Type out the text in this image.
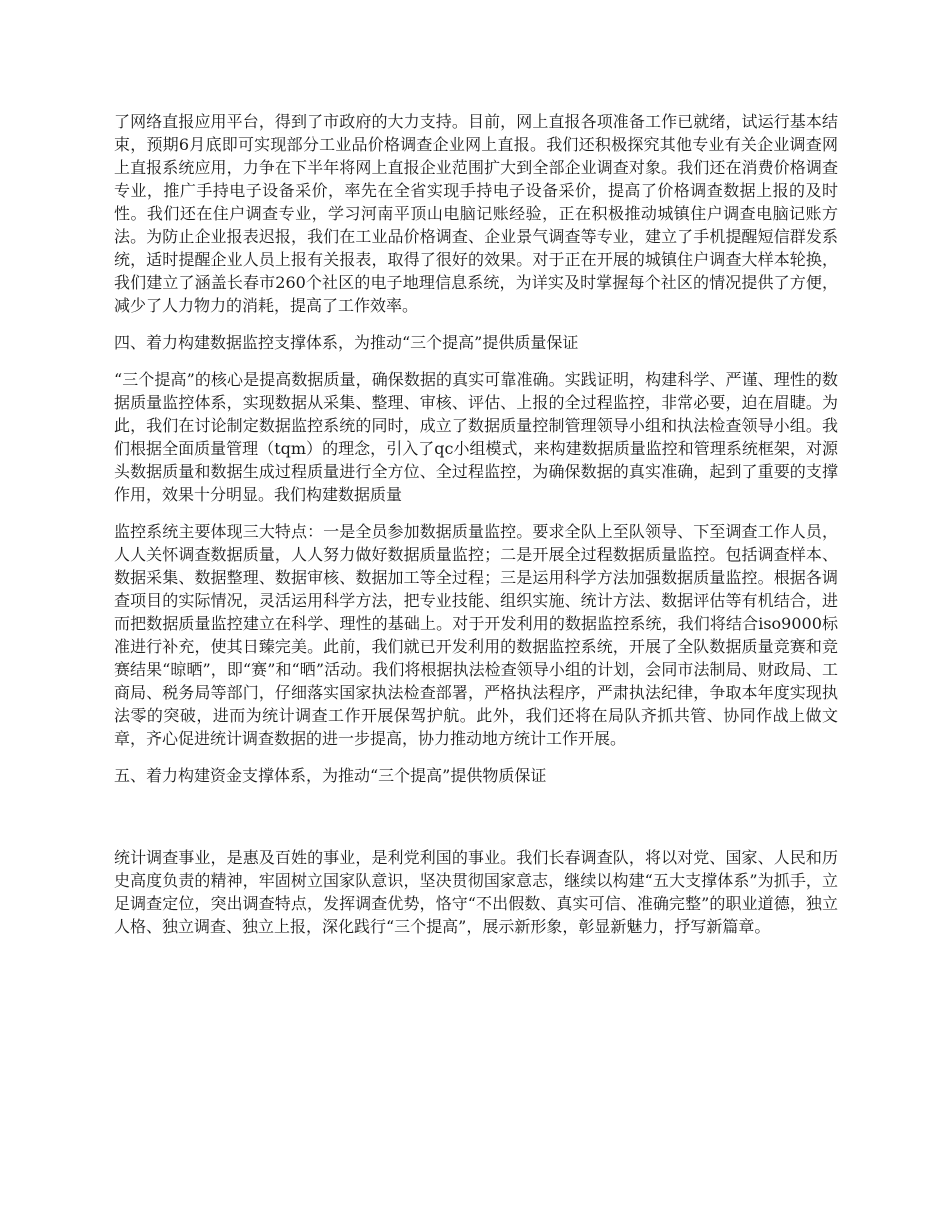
了网络直报应用平台，得到了市政府的大力支持。目前，网上直报各项准备工作已就绪，试运行基本结束，预期6月底即可实现部分工业品价格调查企业网上直报。我们还积极探究其他专业有关企业调查网上直报系统应用，力争在下半年将网上直报企业范围扩大到全部企业调查对象。我们还在消费价格调查专业，推广手持电子设备采价，率先在全省实现手持电子设备采价，提高了价格调查数据上报的及时性。我们还在住户调查专业，学习河南平顶山电脑记账经验，正在积极推动城镇住户调查电脑记账方法。为防止企业报表迟报，我们在工业品价格调查、企业景气调查等专业，建立了手机提醒短信群发系统，适时提醒企业人员上报有关报表，取得了很好的效果。对于正在开展的城镇住户调查大样本轮换，我们建立了涵盖长春市260个社区的电子地理信息系统，为详实及时掌握每个社区的情况提供了方便，减少了人力物力的消耗，提高了工作效率。

四、着力构建数据监控支撑体系，为推动“三个提高”提供质量保证

“三个提高”的核心是提高数据质量，确保数据的真实可靠准确。实践证明，构建科学、严谨、理性的数据质量监控体系，实现数据从采集、整理、审核、评估、上报的全过程监控，非常必要，迫在眉睫。为此，我们在讨论制定数据监控系统的同时，成立了数据质量控制管理领导小组和执法检查领导小组。我们根据全面质量管理（tqm）的理念，引入了qc小组模式，来构建数据质量监控和管理系统框架，对源头数据质量和数据生成过程质量进行全方位、全过程监控，为确保数据的真实准确，起到了重要的支撑作用，效果十分明显。我们构建数据质量

监控系统主要体现三大特点：一是全员参加数据质量监控。要求全队上至队领导、下至调查工作人员，人人关怀调查数据质量，人人努力做好数据质量监控；二是开展全过程数据质量监控。包括调查样本、数据采集、数据整理、数据审核、数据加工等全过程；三是运用科学方法加强数据质量监控。根据各调查项目的实际情况，灵活运用科学方法，把专业技能、组织实施、统计方法、数据评估等有机结合，进而把数据质量监控建立在科学、理性的基础上。对于开发利用的数据监控系统，我们将结合iso9000标准进行补充，使其日臻完美。此前，我们就已开发利用的数据监控系统，开展了全队数据质量竞赛和竞赛结果“晾晒”，即“赛”和“晒”活动。我们将根据执法检查领导小组的计划，会同市法制局、财政局、工商局、税务局等部门，仔细落实国家执法检查部署，严格执法程序，严肃执法纪律，争取本年度实现执法零的突破，进而为统计调查工作开展保驾护航。此外，我们还将在局队齐抓共管、协同作战上做文章，齐心促进统计调查数据的进一步提高，协力推动地方统计工作开展。

五、着力构建资金支撑体系，为推动“三个提高”提供物质保证

统计调查事业，是惠及百姓的事业，是利党利国的事业。我们长春调查队，将以对党、国家、人民和历史高度负责的精神，牢固树立国家队意识，坚决贯彻国家意志，继续以构建“五大支撑体系”为抓手，立足调查定位，突出调查特点，发挥调查优势，恪守“不出假数、真实可信、准确完整”的职业道德，独立人格、独立调查、独立上报，深化践行“三个提高”，展示新形象，彰显新魅力，抒写新篇章。
